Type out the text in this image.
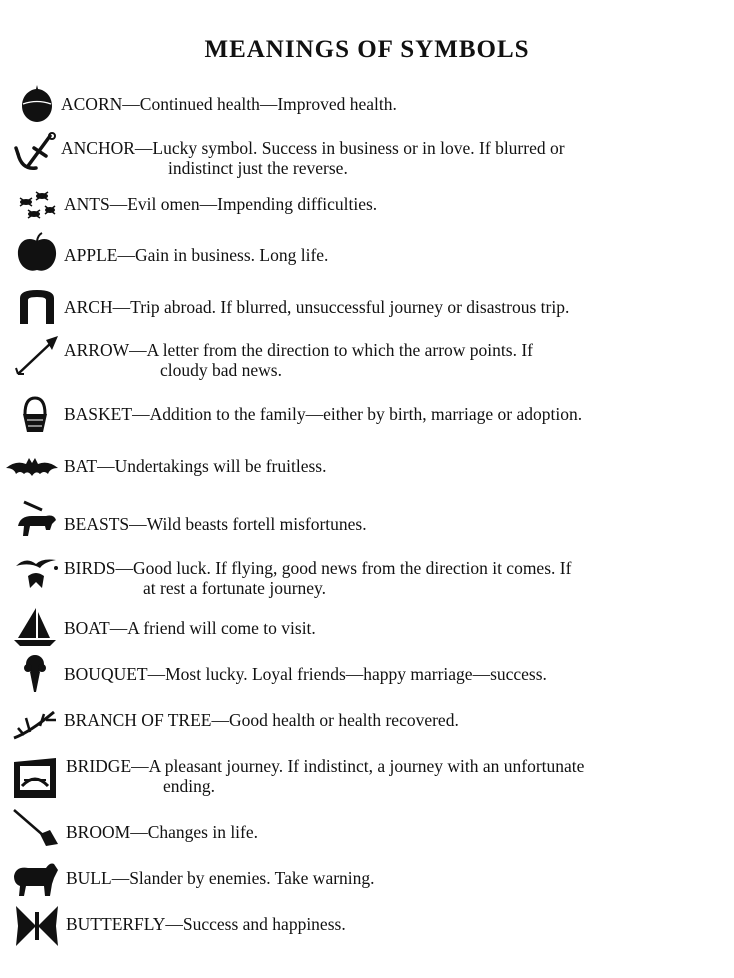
MEANINGS OF SYMBOLS
ACORN—Continued health—Improved health.
ANCHOR—Lucky symbol. Success in business or in love. If blurred or
indistinct just the reverse.
ANTS—Evil omen—Impending difficulties.
APPLE—Gain in business. Long life.
ARCH—Trip abroad. If blurred, unsuccessful journey or disastrous trip.
ARROW—A letter from the direction to which the arrow points. If
cloudy bad news.
BASKET—Addition to the family—either by birth, marriage or adoption.
BAT—Undertakings will be fruitless.
BEASTS—Wild beasts fortell misfortunes.
BIRDS—Good luck. If flying, good news from the direction it comes. If
at rest a fortunate journey.
BOAT—A friend will come to visit.
BOUQUET—Most lucky. Loyal friends—happy marriage—success.
BRANCH OF TREE—Good health or health recovered.
BRIDGE—A pleasant journey. If indistinct, a journey with an unfortunate
ending.
BROOM—Changes in life.
BULL—Slander by enemies. Take warning.
BUTTERFLY—Success and happiness.
